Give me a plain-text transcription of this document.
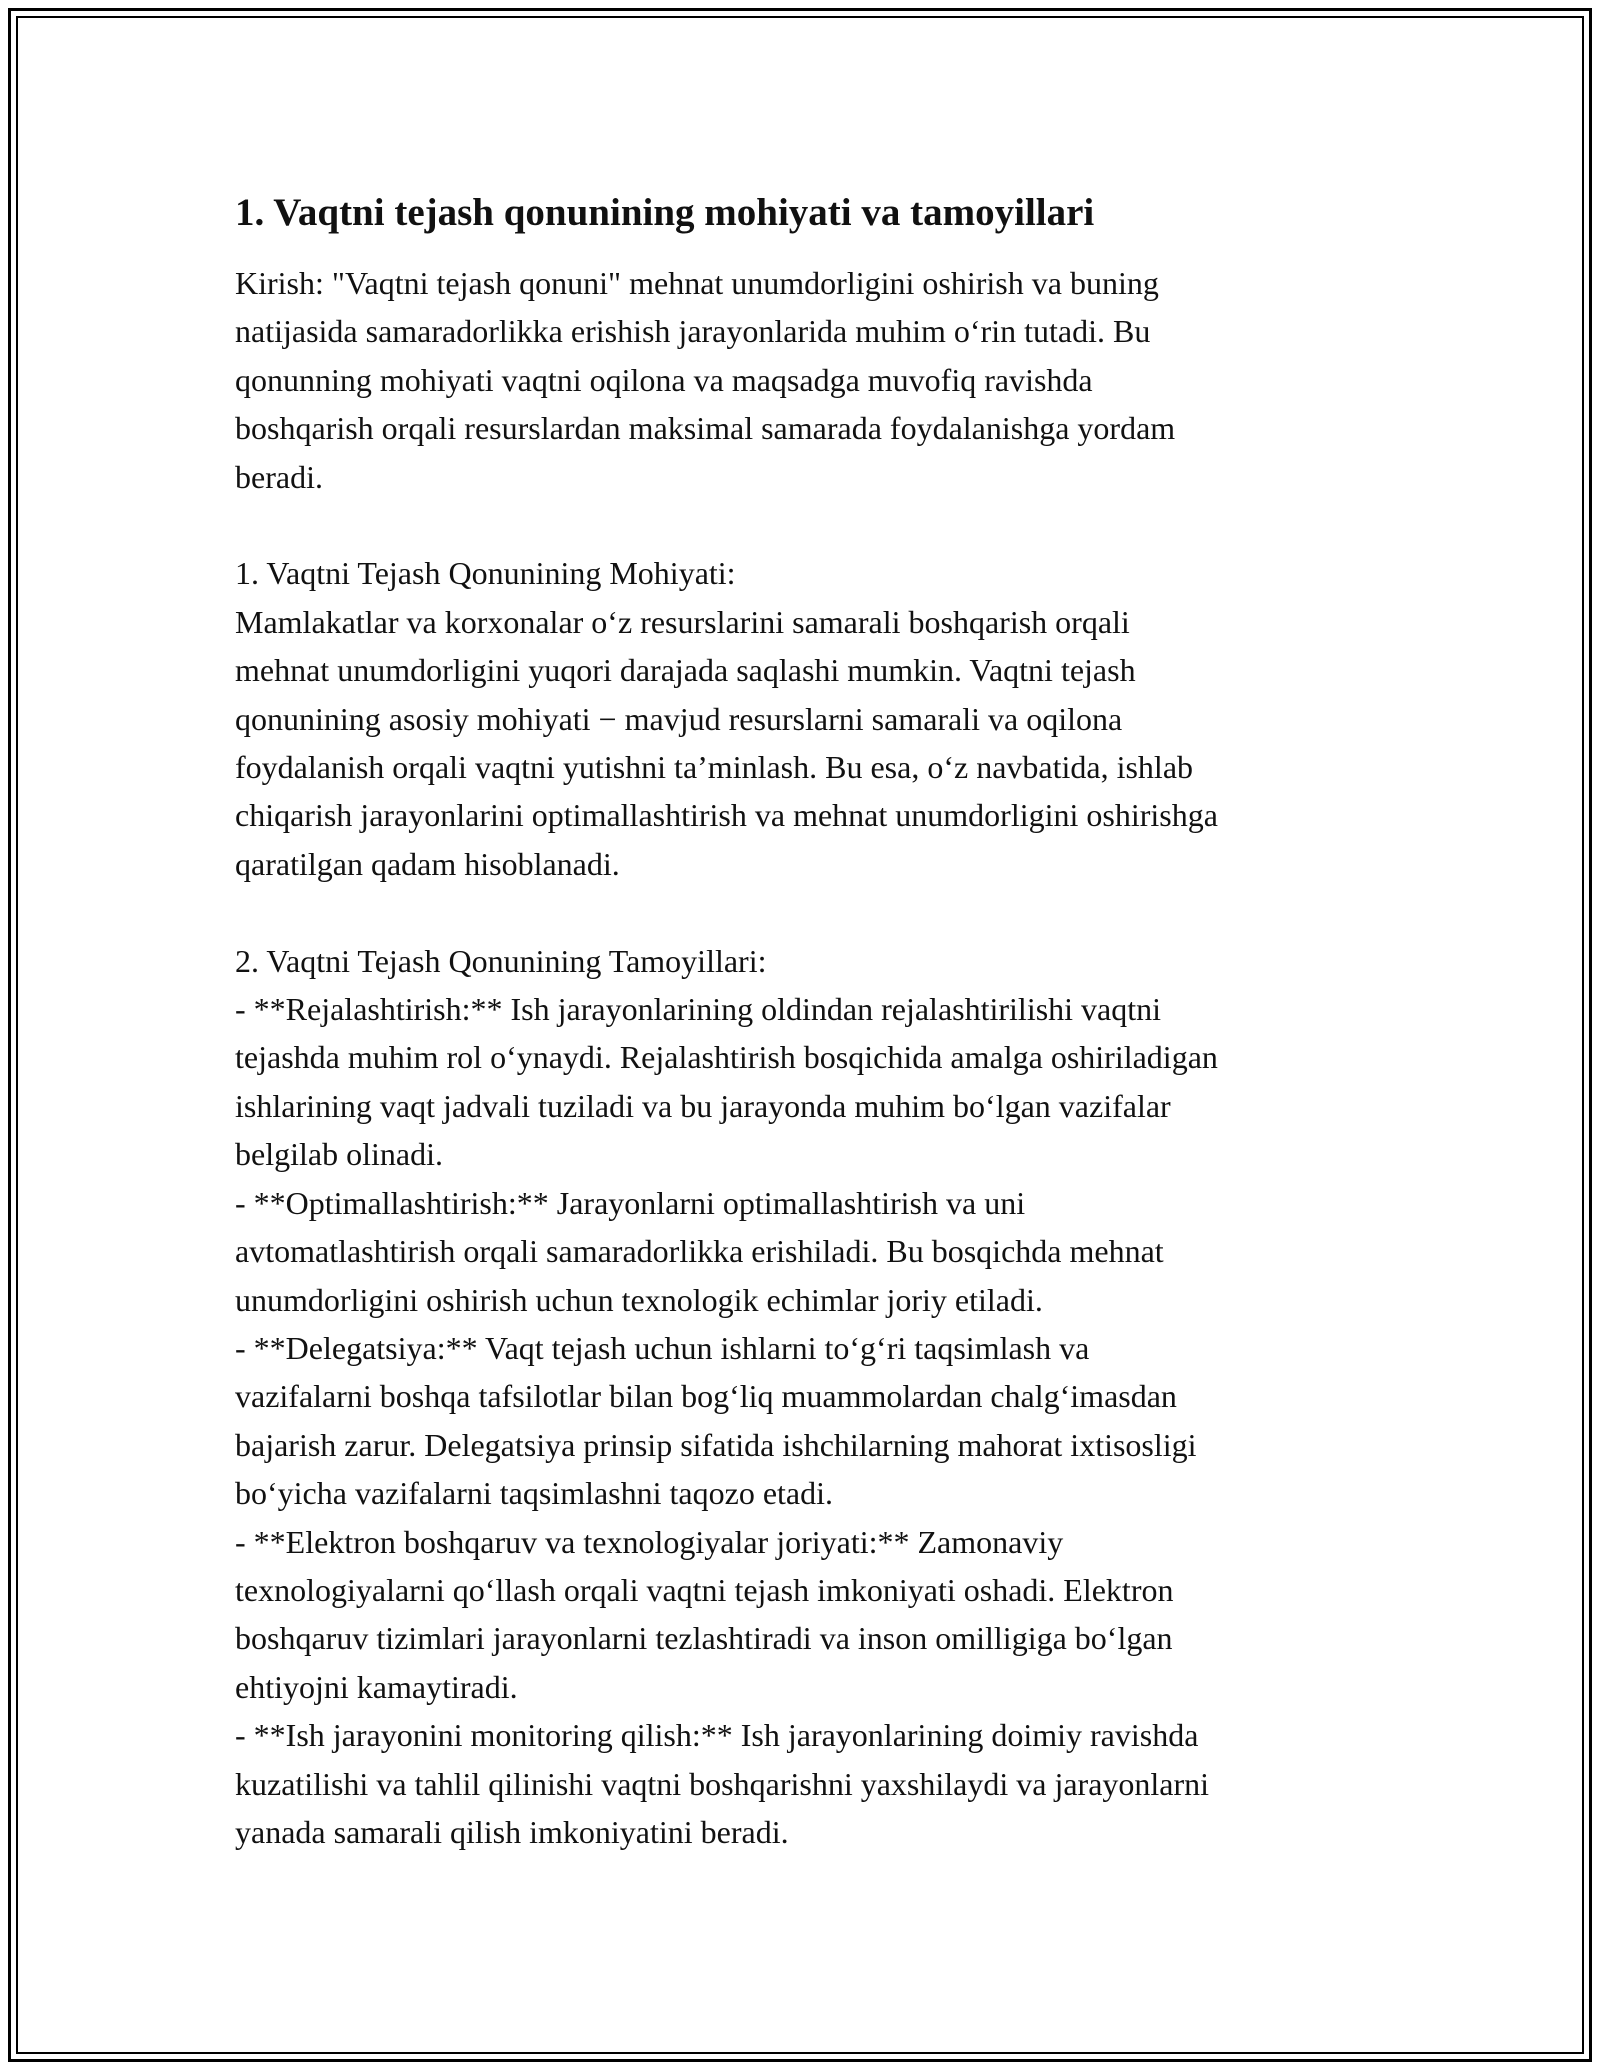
1. Vaqtni tejash qonunining mohiyati va tamoyillari

Kirish: "Vaqtni tejash qonuni" mehnat unumdorligini oshirish va buning
natijasida samaradorlikka erishish jarayonlarida muhim o‘rin tutadi. Bu
qonunning mohiyati vaqtni oqilona va maqsadga muvofiq ravishda
boshqarish orqali resurslardan maksimal samarada foydalanishga yordam
beradi.

1. Vaqtni Tejash Qonunining Mohiyati:
Mamlakatlar va korxonalar o‘z resurslarini samarali boshqarish orqali
mehnat unumdorligini yuqori darajada saqlashi mumkin. Vaqtni tejash
qonunining asosiy mohiyati − mavjud resurslarni samarali va oqilona
foydalanish orqali vaqtni yutishni ta’minlash. Bu esa, o‘z navbatida, ishlab
chiqarish jarayonlarini optimallashtirish va mehnat unumdorligini oshirishga
qaratilgan qadam hisoblanadi.

2. Vaqtni Tejash Qonunining Tamoyillari:
- **Rejalashtirish:** Ish jarayonlarining oldindan rejalashtirilishi vaqtni
tejashda muhim rol o‘ynaydi. Rejalashtirish bosqichida amalga oshiriladigan
ishlarining vaqt jadvali tuziladi va bu jarayonda muhim bo‘lgan vazifalar
belgilab olinadi.
- **Optimallashtirish:** Jarayonlarni optimallashtirish va uni
avtomatlashtirish orqali samaradorlikka erishiladi. Bu bosqichda mehnat
unumdorligini oshirish uchun texnologik echimlar joriy etiladi.
- **Delegatsiya:** Vaqt tejash uchun ishlarni to‘g‘ri taqsimlash va
vazifalarni boshqa tafsilotlar bilan bog‘liq muammolardan chalg‘imasdan
bajarish zarur. Delegatsiya prinsip sifatida ishchilarning mahorat ixtisosligi
bo‘yicha vazifalarni taqsimlashni taqozo etadi.
- **Elektron boshqaruv va texnologiyalar joriyati:** Zamonaviy
texnologiyalarni qo‘llash orqali vaqtni tejash imkoniyati oshadi. Elektron
boshqaruv tizimlari jarayonlarni tezlashtiradi va inson omilligiga bo‘lgan
ehtiyojni kamaytiradi.
- **Ish jarayonini monitoring qilish:** Ish jarayonlarining doimiy ravishda
kuzatilishi va tahlil qilinishi vaqtni boshqarishni yaxshilaydi va jarayonlarni
yanada samarali qilish imkoniyatini beradi.
